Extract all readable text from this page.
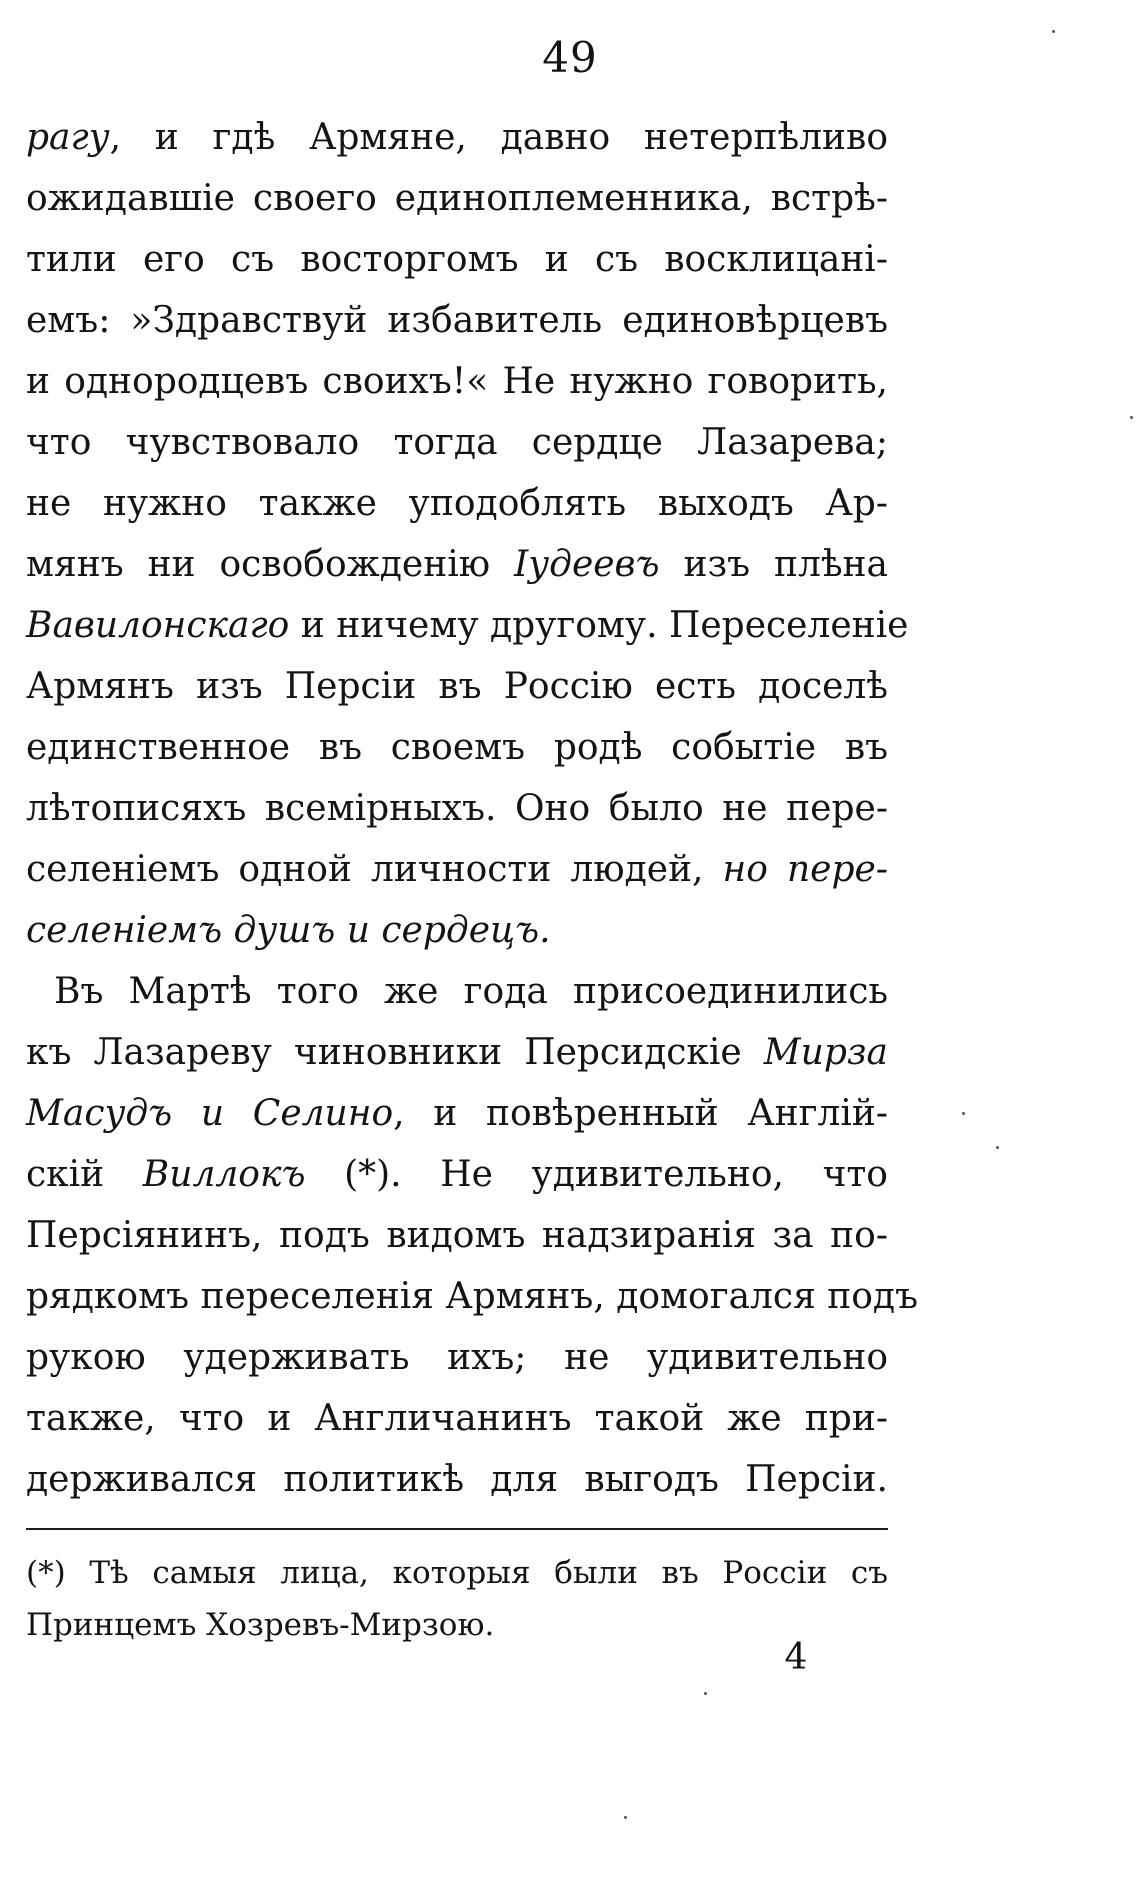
49
рагу, и гдѣ Армяне, давно нетерпѣливо
ожидавшіе своего единоплеменника, встрѣ-
тили его съ восторгомъ и съ восклицані-
емъ: »Здравствуй избавитель единовѣрцевъ
и однородцевъ своихъ!« Не нужно говорить,
что чувствовало тогда сердце Лазарева;
не нужно также уподоблять выходъ Ар-
мянъ ни освобожденію Іудеевъ изъ плѣна
Вавилонскаго и ничему другому. Переселеніе
Армянъ изъ Персіи въ Россію есть доселѣ
единственное въ своемъ родѣ событіе въ
лѣтописяхъ всемірныхъ. Оно было не пере-
селеніемъ одной личности людей, но пере-
селеніемъ душъ и сердецъ.
Въ Мартѣ того же года присоединились
къ Лазареву чиновники Персидскіе Мирза
Масудъ и Селино, и повѣренный Англій-
скій Виллокъ (*). Не удивительно, что
Персіянинъ, подъ видомъ надзиранія за по-
рядкомъ переселенія Армянъ, домогался подъ
рукою удерживать ихъ; не удивительно
также, что и Англичанинъ такой же при-
держивался политикѣ для выгодъ Персіи.
(*) Тѣ самыя лица, которыя были въ Россіи съ
Принцемъ Хозревъ-Мирзою.
4
